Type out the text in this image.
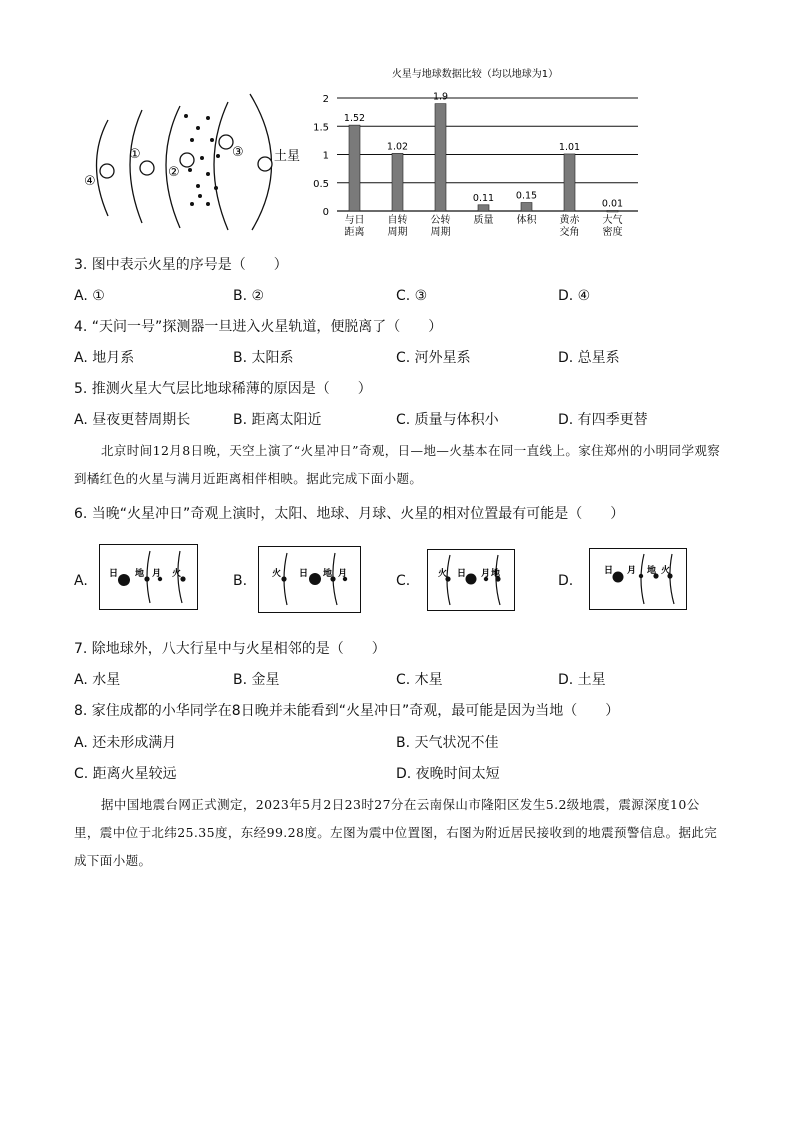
④
①
②
③ 土星
火星与地球数据比较（均以地球为1）
0
0.5
1
1.5
2
1.52
与日
距离
1.02
自转
周期
1.9
公转
周期
0.11
质量
0.15
体积
1.01
黄赤
交角
0.01
大气
密度
3. 图中表示火星的序号是（　　）
A. ①	B. ②	C. ③	D. ④
4. “天问一号”探测器一旦进入火星轨道，便脱离了（　　）
A. 地月系	B. 太阳系	C. 河外星系	D. 总星系
5. 推测火星大气层比地球稀薄的原因是（　　）
A. 昼夜更替周期长	B. 距离太阳近	C. 质量与体积小	D. 有四季更替
北京时间12月8日晚，天空上演了“火星冲日”奇观，日—地—火基本在同一直线上。家住郑州的小明同学观察到橘红色的火星与满月近距离相伴相映。据此完成下面小题。
6. 当晚“火星冲日”奇观上演时，太阳、地球、月球、火星的相对位置最有可能是（　　）
A. 日 地 月 火	B.	火 日 地 月	C.	火 日 月 地	D.
日 月 地 火
7. 除地球外，八大行星中与火星相邻的是（　　）
A. 水星	B. 金星	C. 木星	D. 土星
8. 家住成都的小华同学在8日晚并未能看到“火星冲日”奇观，最可能是因为当地（　　）
A. 还未形成满月	B. 天气状况不佳
C. 距离火星较远	D. 夜晚时间太短
据中国地震台网正式测定，2023年5月2日23时27分在云南保山市隆阳区发生5.2级地震，震源深度10公里，震中位于北纬25.35度，东经99.28度。左图为震中位置图，右图为附近居民接收到的地震预警信息。据此完成下面小题。
